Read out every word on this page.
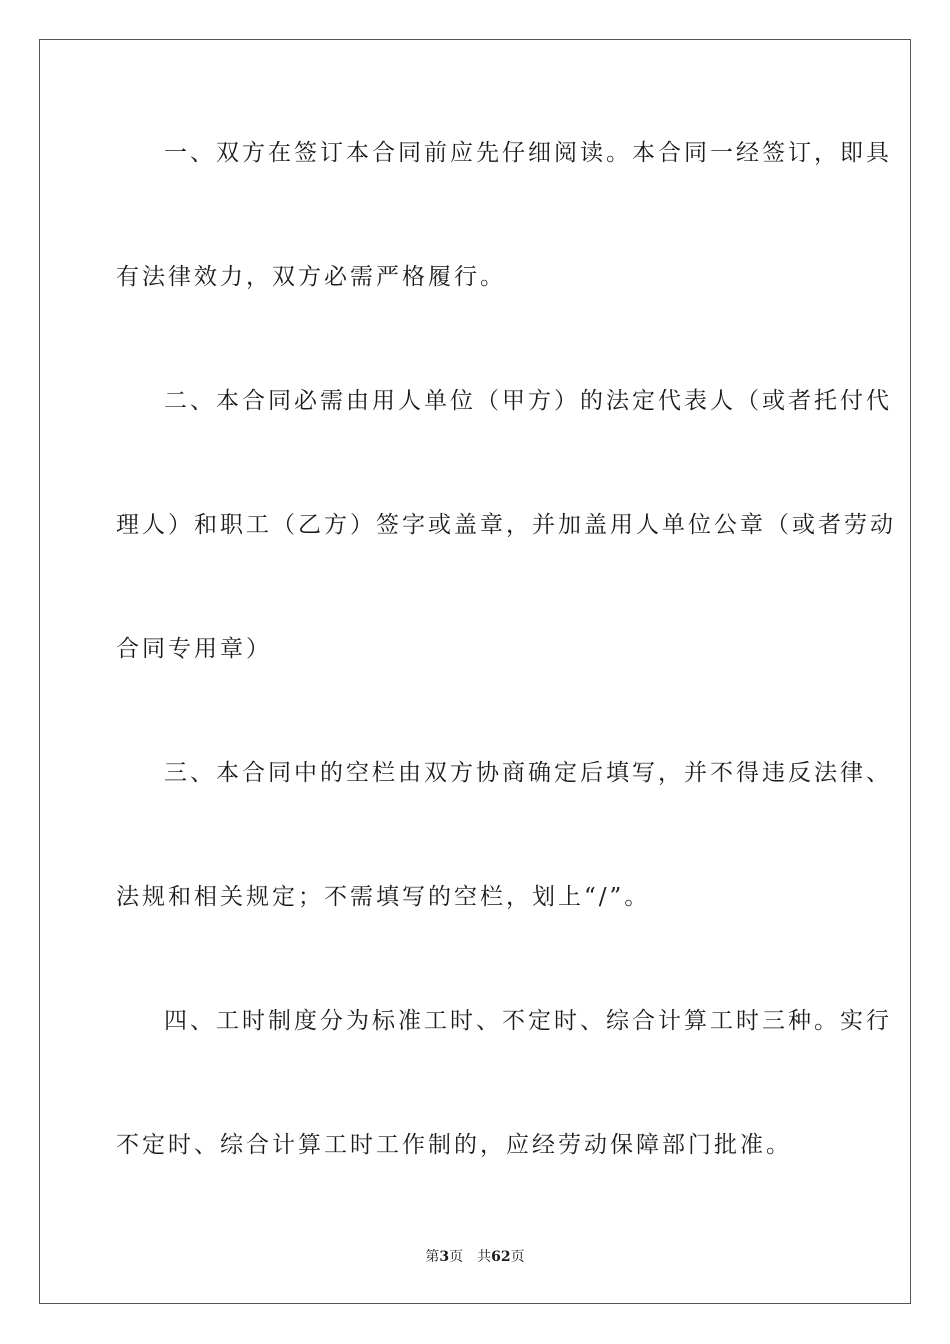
一、双方在签订本合同前应先仔细阅读。本合同一经签订，即具
有法律效力，双方必需严格履行。
二、本合同必需由用人单位（甲方）的法定代表人（或者托付代
理人）和职工（乙方）签字或盖章，并加盖用人单位公章（或者劳动
合同专用章）
三、本合同中的空栏由双方协商确定后填写，并不得违反法律、
法规和相关规定；不需填写的空栏，划上“/”。
四、工时制度分为标准工时、不定时、综合计算工时三种。实行
不定时、综合计算工时工作制的，应经劳动保障部门批准。
第3页 共62页
